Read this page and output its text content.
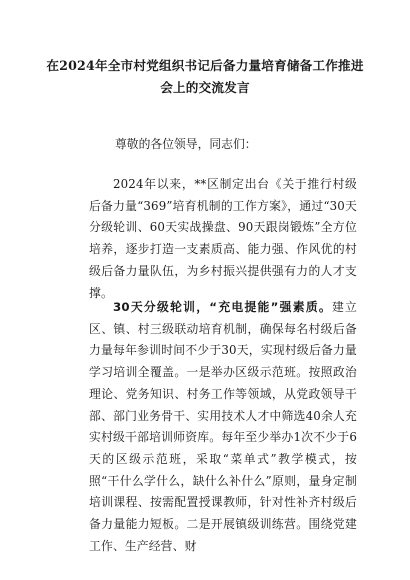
在2024年全市村党组织书记后备力量培育储备工作推进会上的交流发言
尊敬的各位领导，同志们：
2024年以来，**区制定出台《关于推行村级后备力量“369”培育机制的工作方案》，通过“30天分级轮训、60天实战操盘、90天跟岗锻炼”全方位培养，逐步打造一支素质高、能力强、作风优的村级后备力量队伍，为乡村振兴提供强有力的人才支撑。
30天分级轮训，“充电提能”强素质。建立区、镇、村三级联动培育机制，确保每名村级后备力量每年参训时间不少于30天，实现村级后备力量学习培训全覆盖。一是举办区级示范班。按照政治理论、党务知识、村务工作等领域，从党政领导干部、部门业务骨干、实用技术人才中筛选40余人充实村级干部培训师资库。每年至少举办1次不少于6天的区级示范班，采取“菜单式”教学模式，按照“干什么学什么，缺什么补什么”原则，量身定制培训课程、按需配置授课教师，针对性补齐村级后备力量能力短板。二是开展镇级训练营。围绕党建工作、生产经营、财
